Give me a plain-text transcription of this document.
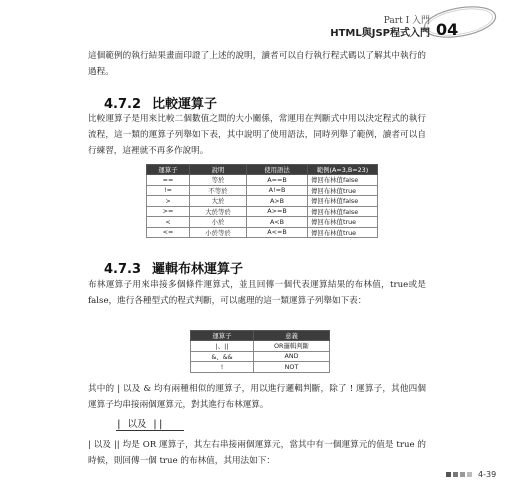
Part Ⅰ 入門
HTML與JSP程式入門 04
這個範例的執行結果畫面印證了上述的說明，讀者可以自行執行程式碼以了解其中執行的過程。
4.7.2 比較運算子
比較運算子是用來比較二個數值之間的大小關係，常運用在判斷式中用以決定程式的執行流程，這一類的運算子列舉如下表，其中說明了使用語法，同時列舉了範例，讀者可以自行練習，這裡就不再多作說明。
運算子	說明	使用語法	範例(A=3,B=23)
==	等於	A==B	傳回布林值false
!=	不等於	A!=B	傳回布林值true
>	大於	A>B	傳回布林值false
>=	大於等於	A>=B	傳回布林值false
<	小於	A<B	傳回布林值true
<=	小於等於	A<=B	傳回布林值true
4.7.3 邏輯布林運算子
布林運算子用來串接多個條件運算式，並且回傳一個代表運算結果的布林值，true或是false，進行各種型式的程式判斷，可以處理的這一類運算子列舉如下表：
運算子	意義
|、||	OR邏輯判斷
&、&&	AND
!	NOT
其中的 | 以及 & 均有兩種相似的運算子，用以進行邏輯判斷，除了 ! 運算子，其他四個運算子均串接兩個運算元，對其進行布林運算。
| 以及 ||
| 以及 || 均是 OR 運算子，其左右串接兩個運算元，當其中有一個運算元的值是 true 的時候，則回傳一個 true 的布林值，其用法如下：
4-39
